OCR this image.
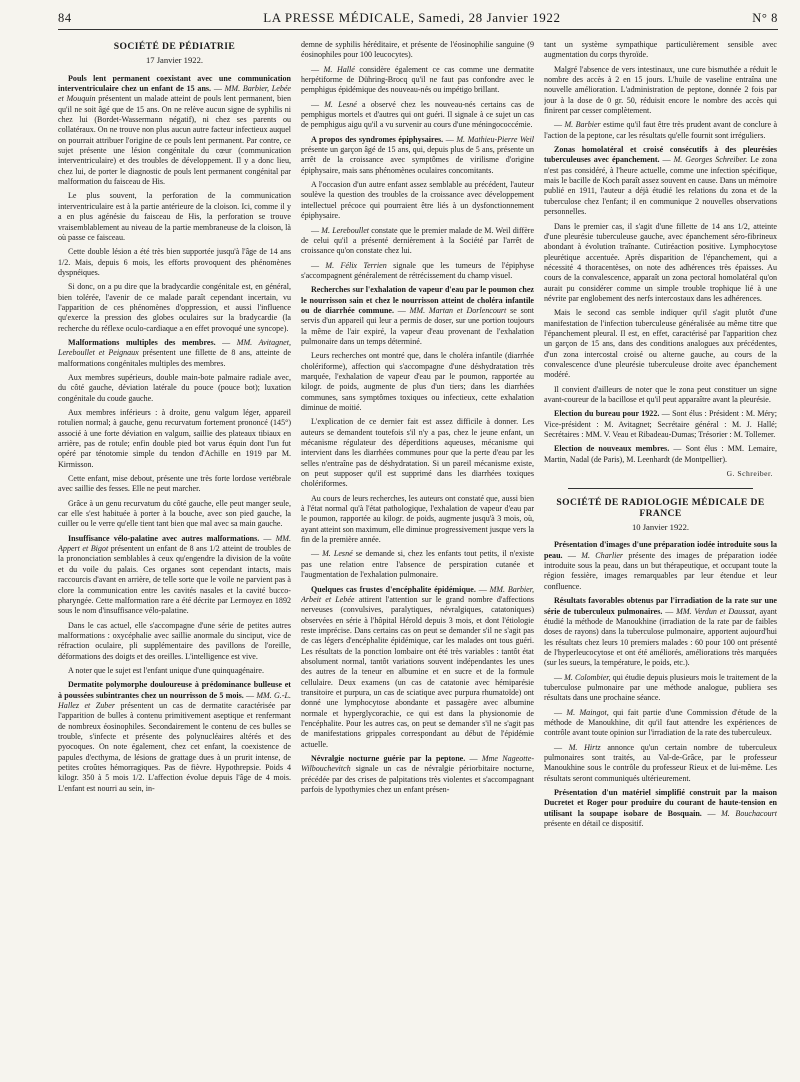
84	LA PRESSE MÉDICALE, Samedi, 28 Janvier 1922	N° 8
SOCIÉTÉ DE PÉDIATRIE
17 Janvier 1922.

Pouls lent permanent coexistant avec une communication interventriculaire chez un enfant de 15 ans. — MM. Barbier, Lebée et Mouquin présentent un malade atteint de pouls lent permanent, bien qu'il ne soit âgé que de 15 ans. On ne relève aucun signe de syphilis ni chez lui (Bordet-Wassermann négatif), ni chez ses parents ou collatéraux. On ne trouve non plus aucun autre facteur infectieux auquel on pourrait attribuer l'origine de ce pouls lent permanent. Par contre, ce sujet présente une lésion congénitale du cœur (communication interventriculaire) et des troubles de développement. Il y a donc lieu, chez lui, de porter le diagnostic de pouls lent permanent congénital par malformation du faisceau de His.

Le plus souvent, la perforation de la communication interventriculaire est à la partie antérieure de la cloison. Ici, comme il y a en plus agénésie du faisceau de His, la perforation se trouve vraisemblablement au niveau de la partie membraneuse de la cloison, là où passe ce faisceau.

Cette double lésion a été très bien supportée jusqu'à l'âge de 14 ans 1/2. Mais, depuis 6 mois, les efforts provoquent des phénomènes dyspnéiques.

Si donc, on a pu dire que la bradycardie congénitale est, en général, bien tolérée, l'avenir de ce malade paraît cependant incertain, vu l'apparition de ces phénomènes d'oppression, et aussi l'influence qu'exerce la pression des globes oculaires sur la bradycardie (la recherche du réflexe oculo-cardiaque a en effet provoqué une syncope).

Malformations multiples des membres. — MM. Avitagnet, Lereboullet et Peignaux présentent une fillette de 8 ans, atteinte de malformations congénitales multiples des membres.

Aux membres supérieurs, double main-bote palmaire radiale avec, du côté gauche, déviation latérale du pouce (pouce bot); luxation congénitale du coude gauche.

Aux membres inférieurs : à droite, genu valgum léger, appareil rotulien normal; à gauche, genu recurvatum fortement prononcé (145°) associé à une forte déviation en valgum, saillie des plateaux tibiaux en arrière, pas de rotule; enfin double pied bot varus équin dont l'un fut opéré par ténotomie simple du tendon d'Achille en 1919 par M. Kirmisson.

Cette enfant, mise debout, présente une très forte lordose vertébrale avec saillie des fesses. Elle ne peut marcher.

Grâce à un genu recurvatum du côté gauche, elle peut manger seule, car elle s'est habituée à porter à la bouche, avec son pied gauche, la cuiller ou le verre qu'elle tient tant bien que mal avec sa main gauche.

Insuffisance vélo-palatine avec autres malformations. — MM. Appert et Bigot présentent un enfant de 8 ans 1/2 atteint de troubles de la prononciation semblables à ceux qu'engendre la division de la voûte et du voile du palais. Ces organes sont cependant intacts, mais raccourcis d'avant en arrière, de telle sorte que le voile ne parvient pas à clore la communication entre les cavités nasales et la cavité bucco-pharyngée. Cette malformation rare a été décrite par Lermoyez en 1892 sous le nom d'insuffisance vélo-palatine.

Dans le cas actuel, elle s'accompagne d'une série de petites autres malformations : oxycéphalie avec saillie anormale du sinciput, vice de réfraction oculaire, pli supplémentaire des pavillons de l'oreille, déformations des doigts et des oreilles. L'intelligence est vive.

A noter que le sujet est l'enfant unique d'une quinquagénaire.

Dermatite polymorphe douloureuse à prédominance bulleuse et à poussées subintrantes chez un nourrisson de 5 mois. — MM. G.-L. Hallez et Zuber présentent un cas de dermatite caractérisée par l'apparition de bulles à contenu primitivement aseptique et renfermant de nombreux éosinophiles. Secondairement le contenu de ces bulles se trouble, s'infecte et présente des polynucléaires altérés et des pyocoques. On note également, chez cet enfant, la coexistence de papules d'ecthyma, de lésions de grattage dues à un prurit intense, de petites croûtes hémorragiques. Pas de fièvre. Hypothrepsie. Poids 4 kilogr. 350 à 5 mois 1/2. L'affection évolue depuis l'âge de 4 mois. L'enfant est nourri au sein, in-

demne de syphilis héréditaire, et présente de l'éosinophilie sanguine (9 éosinophiles pour 100 leucocytes).

— M. Hallé considère également ce cas comme une dermatite herpétiforme de Dühring-Brocq qu'il ne faut pas confondre avec le pemphigus épidémique des nouveau-nés ou impétigo brillant.

— M. Lesné a observé chez les nouveau-nés certains cas de pemphigus mortels et d'autres qui ont guéri. Il signale à ce sujet un cas de pemphigus aigu qu'il a vu survenir au cours d'une méningococcémie.

A propos des syndromes épiphysaires. — M. Mathieu-Pierre Weil présente un garçon âgé de 15 ans, qui, depuis plus de 5 ans, présente un arrêt de la croissance avec symptômes de virilisme d'origine épiphysaire, mais sans phénomènes oculaires concomitants.

A l'occasion d'un autre enfant assez semblable au précédent, l'auteur soulève la question des troubles de la croissance avec développement intellectuel précoce qui pourraient être liés à un dysfonctionnement épiphysaire.

— M. Lereboullet constate que le premier malade de M. Weil diffère de celui qu'il a présenté dernièrement à la Société par l'arrêt de croissance qu'on constate chez lui.

— M. Félix Terrien signale que les tumeurs de l'épiphyse s'accompagnent généralement de rétrécissement du champ visuel.

Recherches sur l'exhalation de vapeur d'eau par le poumon chez le nourrisson sain et chez le nourrisson atteint de choléra infantile ou de diarrhée commune. — MM. Martan et Dorlencourt se sont servis d'un appareil qui leur a permis de doser, sur une portion toujours la même de l'air expiré, la vapeur d'eau provenant de l'exhalation pulmonaire dans un temps déterminé.

Leurs recherches ont montré que, dans le choléra infantile (diarrhée cholériforme), affection qui s'accompagne d'une déshydratation très marquée, l'exhalation de vapeur d'eau par le poumon, rapportée au kilogr. de poids, augmente de plus d'un tiers; dans les diarrhées communes, sans symptômes toxiques ou infectieux, cette exhalation diminue de moitié.

L'explication de ce dernier fait est assez difficile à donner. Les auteurs se demandent toutefois s'il n'y a pas, chez le jeune enfant, un mécanisme régulateur des déperditions aqueuses, mécanisme qui intervient dans les diarrhées communes pour que la perte d'eau par les selles n'entraîne pas de déshydratation. Si un pareil mécanisme existe, on peut supposer qu'il est supprimé dans les diarrhées toxiques cholériformes.

Au cours de leurs recherches, les auteurs ont constaté que, aussi bien à l'état normal qu'à l'état pathologique, l'exhalation de vapeur d'eau par le poumon, rapportée au kilogr. de poids, augmente jusqu'à 3 mois, où, ayant atteint son maximum, elle diminue progressivement jusque vers la fin de la première année.

— M. Lesné se demande si, chez les enfants tout petits, il n'existe pas une relation entre l'absence de perspiration cutanée et l'augmentation de l'exhalation pulmonaire.

Quelques cas frustes d'encéphalite épidémique. — MM. Barbier, Arbeit et Lebée attirent l'attention sur le grand nombre d'affections nerveuses (convulsives, paralytiques, névralgiques, catatoniques) observées en série à l'hôpital Hérold depuis 3 mois, et dont l'étiologie reste imprécise. Dans certains cas on peut se demander s'il ne s'agit pas de cas légers d'encéphalite épidémique, car les malades ont tous guéri. Les résultats de la ponction lombaire ont été très variables : tantôt état absolument normal, tantôt variations souvent indépendantes les unes des autres de la teneur en albumine et en sucre et de la formule cellulaire. Deux examens (un cas de catatonie avec hémiparésie transitoire et purpura, un cas de sciatique avec purpura rhumatoïde) ont donné une lymphocytose abondante et passagère avec albumine normale et hyperglycorachie, ce qui est dans la physionomie de l'encéphalite. Pour les autres cas, on peut se demander s'il ne s'agit pas de manifestations grippales correspondant au début de l'épidémie actuelle.

Névralgie nocturne guérie par la peptone. — Mme Nageotte-Wilbouchevitch signale un cas de névralgie périorbitaire nocturne, précédée par des crises de palpitations très violentes et s'accompagnant parfois de lypothymies chez un enfant présen-

tant un système sympathique particulièrement sensible avec augmentation du corps thyroïde.

Malgré l'absence de vers intestinaux, une cure bismuthée a réduit le nombre des accès à 2 en 15 jours. L'huile de vaseline entraîna une nouvelle amélioration. L'administration de peptone, donnée 2 fois par jour à la dose de 0 gr. 50, réduisit encore le nombre des accès qui finirent par cesser complètement.

— M. Barbier estime qu'il faut être très prudent avant de conclure à l'action de la peptone, car les résultats qu'elle fournit sont irréguliers.

Zonas homolatéral et croisé consécutifs à des pleurésies tuberculeuses avec épanchement. — M. Georges Schreiber. Le zona n'est pas considéré, à l'heure actuelle, comme une infection spécifique, mais le bacille de Koch paraît assez souvent en cause. Dans un mémoire publié en 1911, l'auteur a déjà étudié les relations du zona et de la tuberculose chez l'enfant; il en communique 2 nouvelles observations personnelles.

Dans le premier cas, il s'agit d'une fillette de 14 ans 1/2, atteinte d'une pleurésie tuberculeuse gauche, avec épanchement séro-fibrineux abondant à évolution traînante. Cutiréaction positive. Lymphocytose pleurétique accentuée. Après disparition de l'épanchement, qui a nécessité 4 thoracentèses, on note des adhérences très épaisses. Au cours de la convalescence, apparaît un zona pectoral homolatéral qu'on aurait pu considérer comme un simple trouble trophique lié à une névrite par englobement des nerfs intercostaux dans les adhérences.

Mais le second cas semble indiquer qu'il s'agit plutôt d'une manifestation de l'infection tuberculeuse généralisée au même titre que l'épanchement pleural. Il est, en effet, caractérisé par l'apparition chez un garçon de 15 ans, dans des conditions analogues aux précédentes, d'un zona intercostal croisé ou alterne gauche, au cours de la convalescence d'une pleurésie tuberculeuse droite avec épanchement modéré.

Il convient d'ailleurs de noter que le zona peut constituer un signe avant-coureur de la bacillose et qu'il peut apparaître avant la pleurésie.

Election du bureau pour 1922. — Sont élus : Président : M. Méry; Vice-président : M. Avitagnet; Secrétaire général : M. J. Hallé; Secrétaires : MM. V. Veau et Ribadeau-Dumas; Trésorier : M. Tollemer.

Election de nouveaux membres. — Sont élus : MM. Lemaire, Martin, Nadal (de Paris), M. Leenhardt (de Montpellier).

G. Schreiber.
SOCIÉTÉ DE RADIOLOGIE MÉDICALE DE FRANCE
10 Janvier 1922.

Présentation d'images d'une préparation iodée introduite sous la peau. — M. Charlier présente des images de préparation iodée introduite sous la peau, dans un but thérapeutique, et occupant toute la région fessière, images remarquables par leur étendue et leur confluence.

Résultats favorables obtenus par l'irradiation de la rate sur une série de tuberculeux pulmonaires. — MM. Verdun et Daussat, ayant étudié la méthode de Manoukhine (irradiation de la rate par de faibles doses de rayons) dans la tuberculose pulmonaire, apportent aujourd'hui les résultats chez leurs 10 premiers malades : 60 pour 100 ont présenté de l'hyperleucocytose et ont été améliorés, améliorations très marquées (sur les sueurs, la température, le poids, etc.).

— M. Colombier, qui étudie depuis plusieurs mois le traitement de la tuberculose pulmonaire par une méthode analogue, publiera ses résultats dans une prochaine séance.

— M. Maingot, qui fait partie d'une Commission d'étude de la méthode de Manoukhine, dit qu'il faut attendre les expériences de contrôle avant toute opinion sur l'irradiation de la rate des tuberculeux.

— M. Hirtz annonce qu'un certain nombre de tuberculeux pulmonaires sont traités, au Val-de-Grâce, par le professeur Manoukhine sous le contrôle du professeur Rieux et de lui-même. Les résultats seront communiqués ultérieurement.

Présentation d'un matériel simplifié construit par la maison Ducretet et Roger pour produire du courant de haute-tension en utilisant la soupape isobare de Bosquain. — M. Bouchacourt présente en détail ce dispositif.
